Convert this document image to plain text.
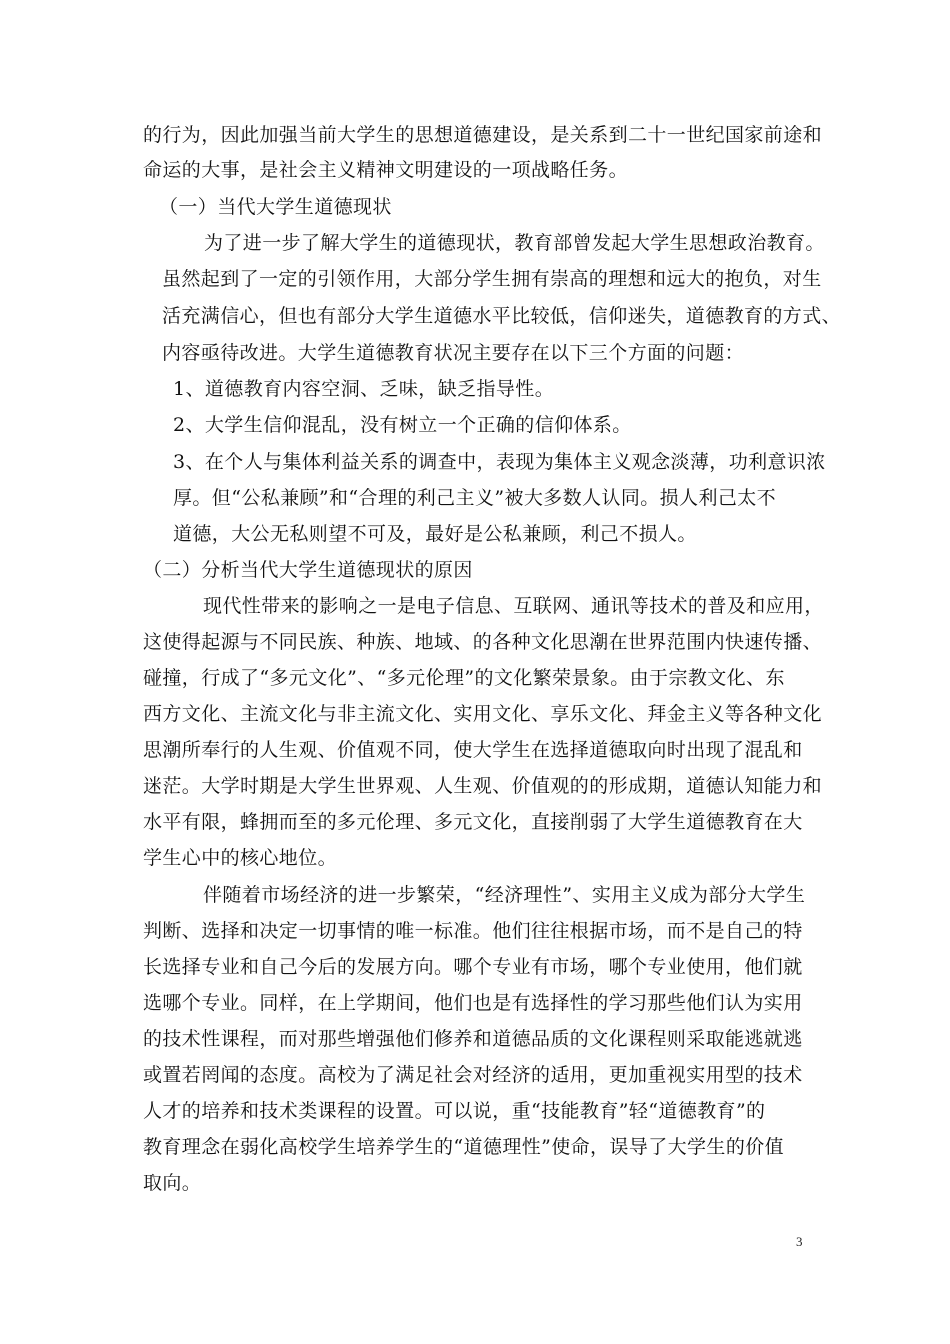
的行为，因此加强当前大学生的思想道德建设，是关系到二十一世纪国家前途和
命运的大事，是社会主义精神文明建设的一项战略任务。
（一）当代大学生道德现状
为了进一步了解大学生的道德现状，教育部曾发起大学生思想政治教育。
虽然起到了一定的引领作用，大部分学生拥有崇高的理想和远大的抱负，对生
活充满信心，但也有部分大学生道德水平比较低，信仰迷失，道德教育的方式、
内容亟待改进。大学生道德教育状况主要存在以下三个方面的问题：
1、道德教育内容空洞、乏味，缺乏指导性。
2、大学生信仰混乱，没有树立一个正确的信仰体系。
3、在个人与集体利益关系的调查中，表现为集体主义观念淡薄，功利意识浓
厚。但“公私兼顾”和“合理的利己主义”被大多数人认同。损人利己太不
道德，大公无私则望不可及，最好是公私兼顾，利己不损人。
（二）分析当代大学生道德现状的原因
现代性带来的影响之一是电子信息、互联网、通讯等技术的普及和应用，
这使得起源与不同民族、种族、地域、的各种文化思潮在世界范围内快速传播、
碰撞，行成了“多元文化”、“多元伦理”的文化繁荣景象。由于宗教文化、东
西方文化、主流文化与非主流文化、实用文化、享乐文化、拜金主义等各种文化
思潮所奉行的人生观、价值观不同，使大学生在选择道德取向时出现了混乱和
迷茫。大学时期是大学生世界观、人生观、价值观的的形成期，道德认知能力和
水平有限，蜂拥而至的多元伦理、多元文化，直接削弱了大学生道德教育在大
学生心中的核心地位。
伴随着市场经济的进一步繁荣，“经济理性”、实用主义成为部分大学生
判断、选择和决定一切事情的唯一标准。他们往往根据市场，而不是自己的特
长选择专业和自己今后的发展方向。哪个专业有市场，哪个专业使用，他们就
选哪个专业。同样，在上学期间，他们也是有选择性的学习那些他们认为实用
的技术性课程，而对那些增强他们修养和道德品质的文化课程则采取能逃就逃
或置若罔闻的态度。高校为了满足社会对经济的适用，更加重视实用型的技术
人才的培养和技术类课程的设置。可以说，重“技能教育”轻“道德教育”的
教育理念在弱化高校学生培养学生的“道德理性”使命，误导了大学生的价值
取向。
3
